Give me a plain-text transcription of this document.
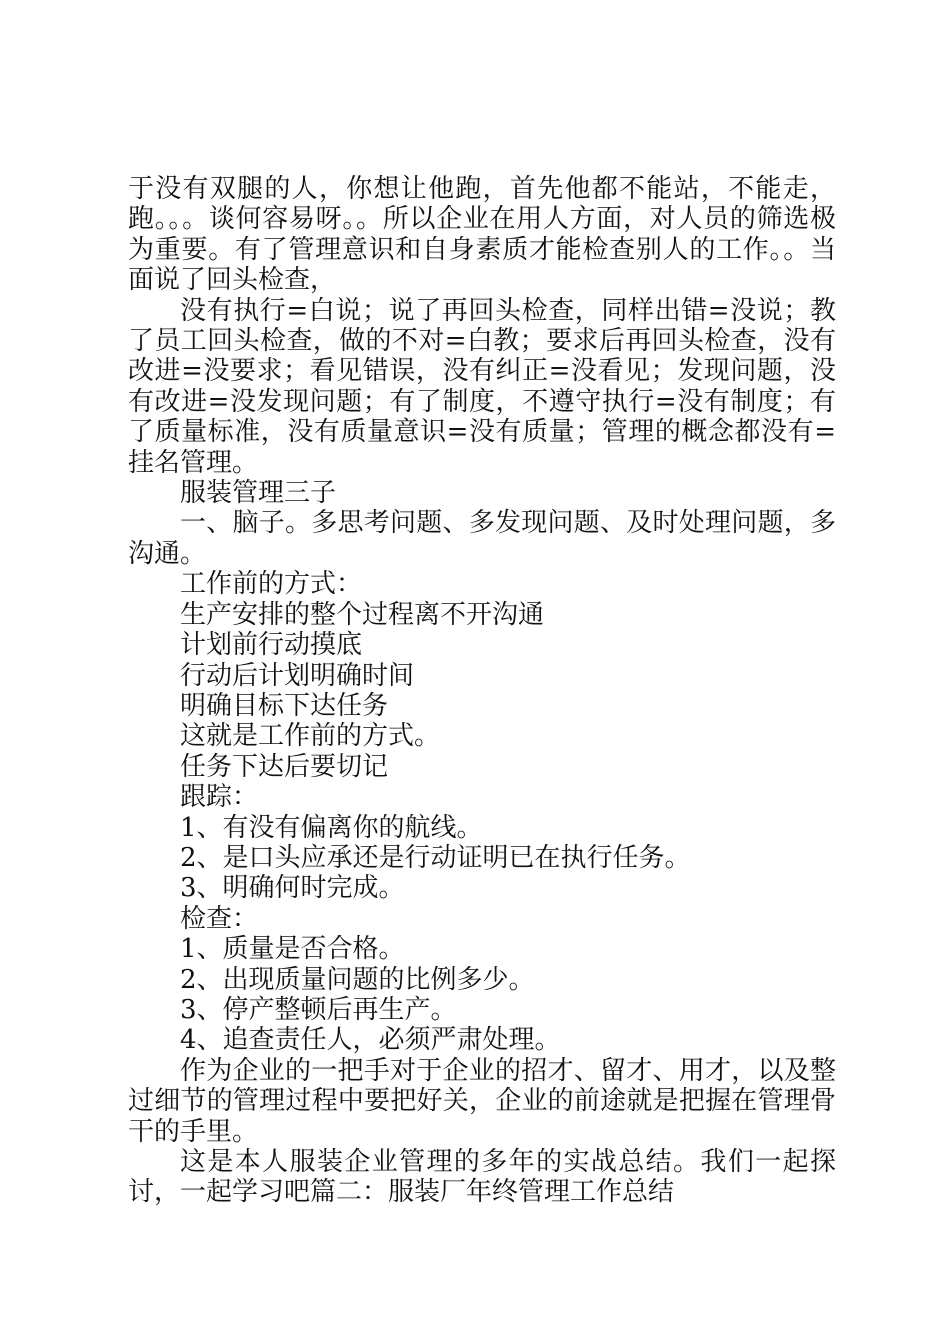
于没有双腿的人，你想让他跑，首先他都不能站，不能走，跑。。。谈何容易呀。。所以企业在用人方面，对人员的筛选极为重要。有了管理意识和自身素质才能检查别人的工作。。当面说了回头检查，

没有执行=白说；说了再回头检查，同样出错=没说；教了员工回头检查，做的不对=白教；要求后再回头检查，没有改进=没要求；看见错误，没有纠正=没看见；发现问题，没有改进=没发现问题；有了制度，不遵守执行=没有制度；有了质量标准，没有质量意识=没有质量；管理的概念都没有=挂名管理。

服装管理三子

一、脑子。多思考问题、多发现问题、及时处理问题，多沟通。

工作前的方式：

生产安排的整个过程离不开沟通

计划前行动摸底

行动后计划明确时间

明确目标下达任务

这就是工作前的方式。

任务下达后要切记

跟踪：

1、有没有偏离你的航线。

2、是口头应承还是行动证明已在执行任务。

3、明确何时完成。

检查：

1、质量是否合格。

2、出现质量问题的比例多少。

3、停产整顿后再生产。

4、追查责任人，必须严肃处理。

作为企业的一把手对于企业的招才、留才、用才，以及整过细节的管理过程中要把好关，企业的前途就是把握在管理骨干的手里。

这是本人服装企业管理的多年的实战总结。我们一起探讨，一起学习吧篇二：服装厂年终管理工作总结
